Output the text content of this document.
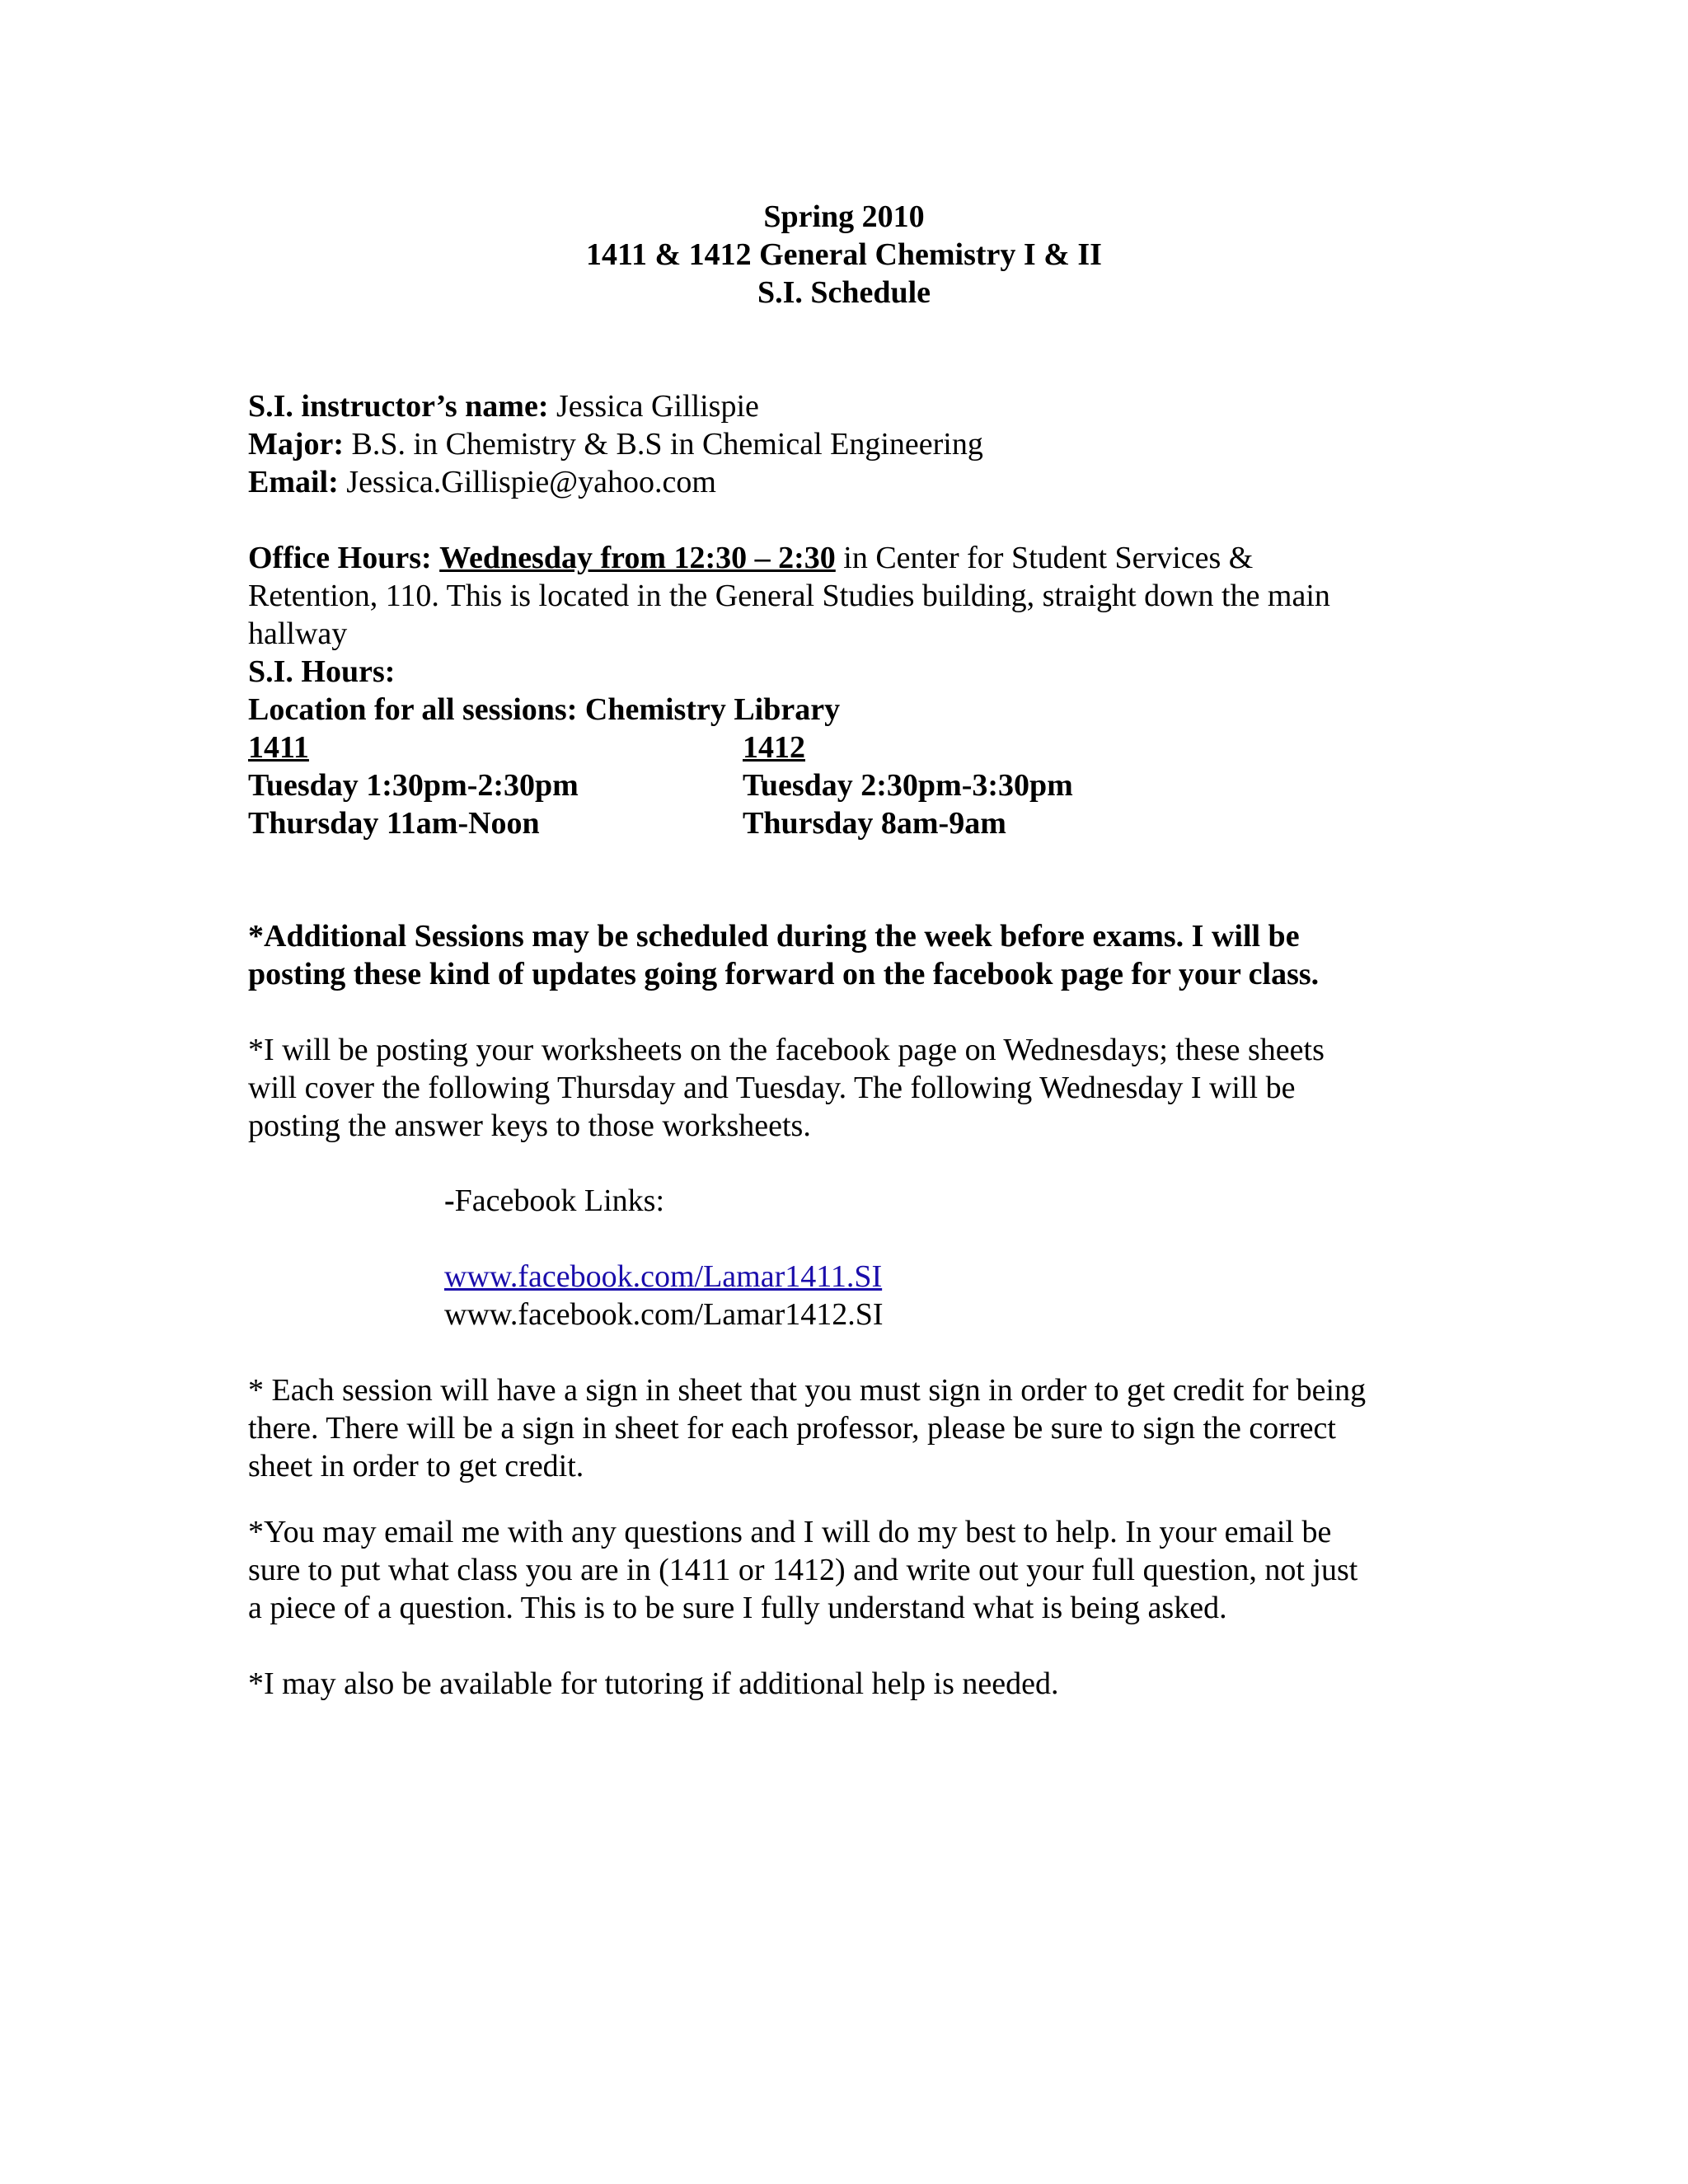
Spring 2010
1411 & 1412 General Chemistry I & II
S.I. Schedule
S.I. instructor’s name: Jessica Gillispie
Major: B.S. in Chemistry & B.S in Chemical Engineering
Email: Jessica.Gillispie@yahoo.com
Office Hours: Wednesday from 12:30 – 2:30 in Center for Student Services &
Retention, 110. This is located in the General Studies building, straight down the main
hallway
S.I. Hours:
Location for all sessions: Chemistry Library
1411	1412
Tuesday 1:30pm-2:30pm	Tuesday 2:30pm-3:30pm
Thursday 11am-Noon	Thursday 8am-9am
*Additional Sessions may be scheduled during the week before exams. I will be
posting these kind of updates going forward on the facebook page for your class.
*I will be posting your worksheets on the facebook page on Wednesdays; these sheets
will cover the following Thursday and Tuesday. The following Wednesday I will be
posting the answer keys to those worksheets.
-Facebook Links:
www.facebook.com/Lamar1411.SI
www.facebook.com/Lamar1412.SI
* Each session will have a sign in sheet that you must sign in order to get credit for being
there. There will be a sign in sheet for each professor, please be sure to sign the correct
sheet in order to get credit.
*You may email me with any questions and I will do my best to help. In your email be
sure to put what class you are in (1411 or 1412) and write out your full question, not just
a piece of a question. This is to be sure I fully understand what is being asked.
*I may also be available for tutoring if additional help is needed.
